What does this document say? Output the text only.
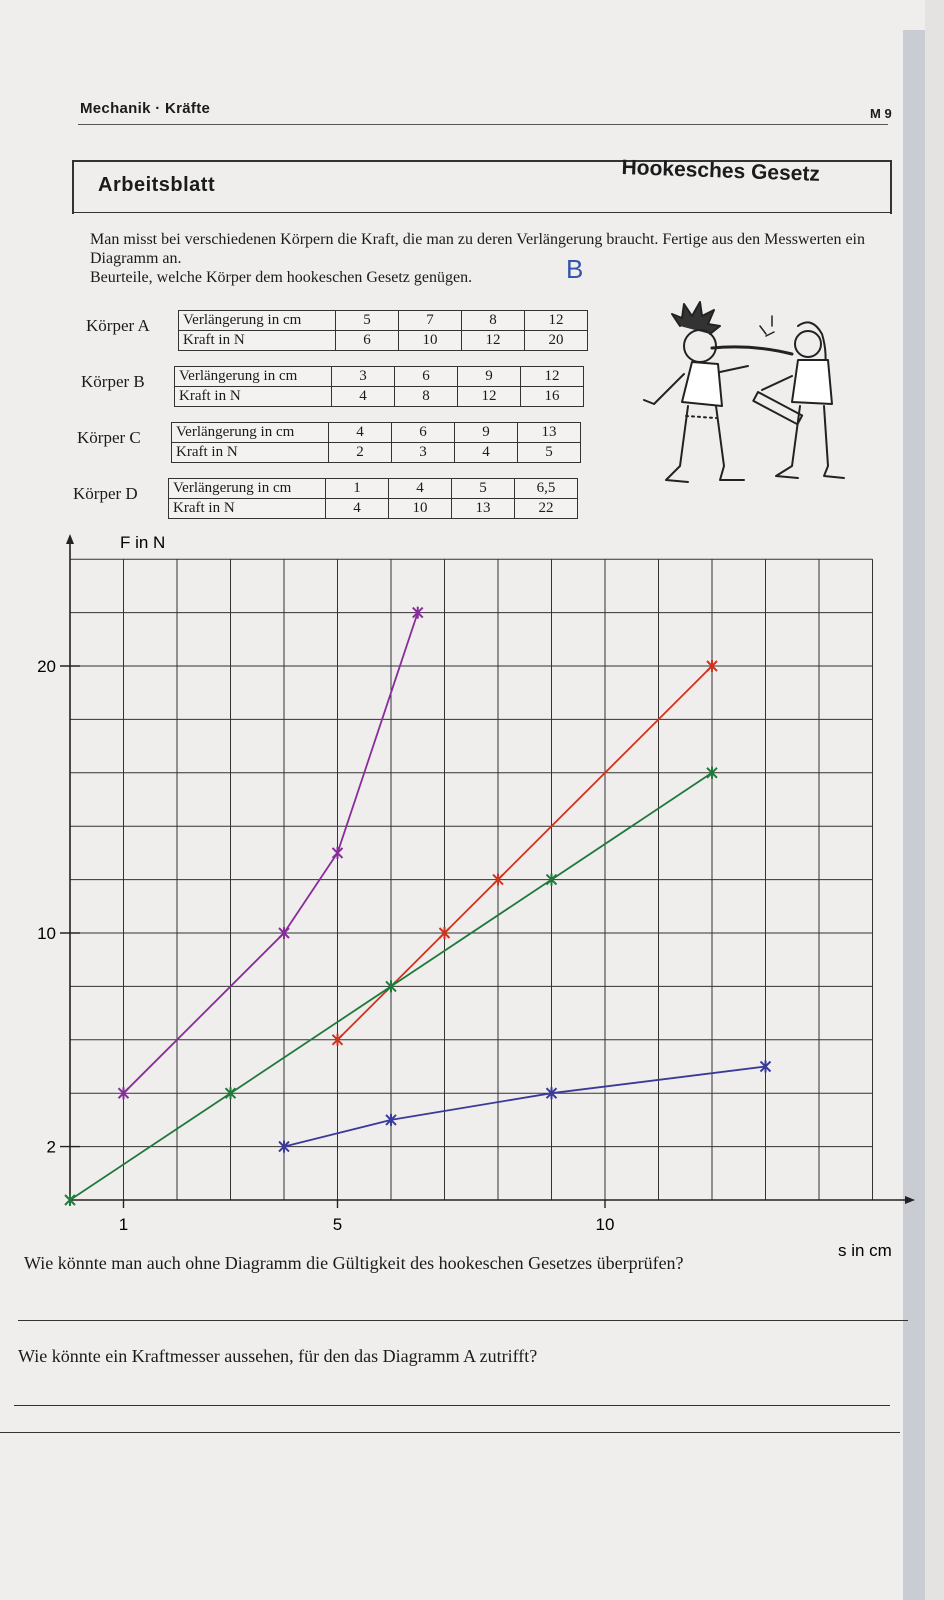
Mechanik · Kräfte	M 9
Arbeitsblatt	Hookesches Gesetz
Man misst bei verschiedenen Körpern die Kraft, die man zu deren Verlängerung braucht. Fertige aus den Messwerten ein Diagramm an.
Beurteile, welche Körper dem hookeschen Gesetz genügen.	B
Körper A Verlängerung in cm	5	7	8	12
Kraft in N	6	10	12	20
Körper B Verlängerung in cm	3	6	9	12
Kraft in N	4	8	12	16
Körper C Verlängerung in cm	4	6	9	13
Kraft in N	2	3	4	5
Körper D Verlängerung in cm	1	4	5	6,5
Kraft in N	4	10	13	22
1	5	10
2
10
20
s in cm
F in N
Wie könnte man auch ohne Diagramm die Gültigkeit des hookeschen Gesetzes überprüfen?
Wie könnte ein Kraftmesser aussehen, für den das Diagramm A zutrifft?
